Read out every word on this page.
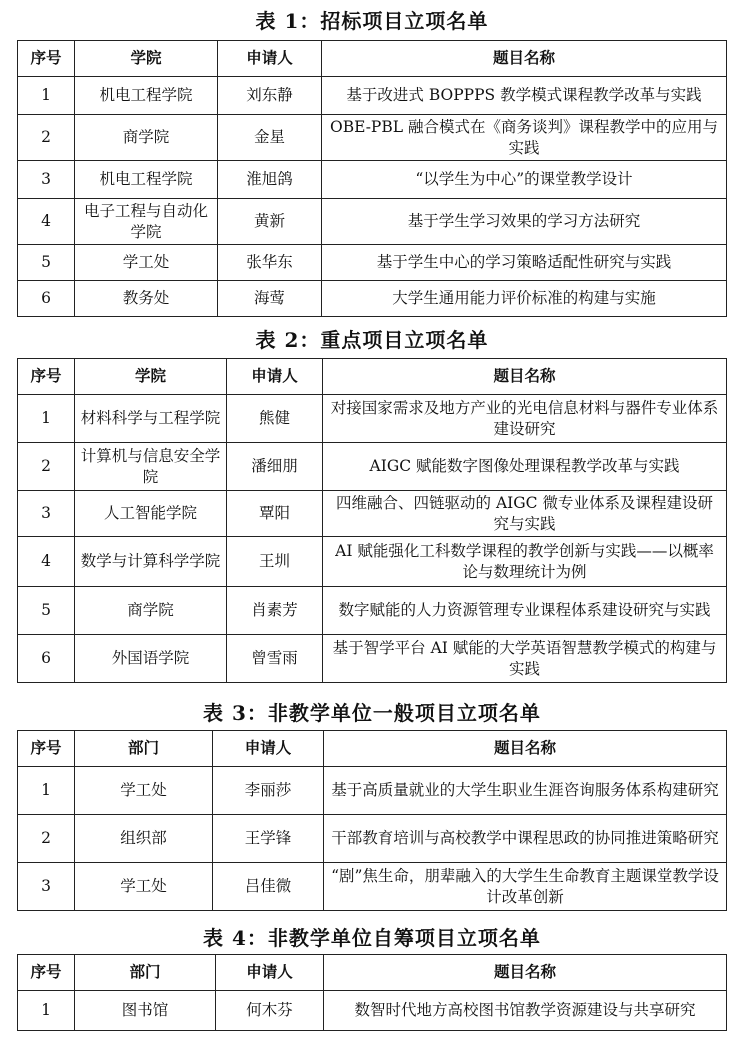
表 1：招标项目立项名单
序号	学院	申请人	题目名称
1	机电工程学院	刘东静	基于改进式 BOPPPS 教学模式课程教学改革与实践
2	商学院	金星	OBE-PBL 融合模式在《商务谈判》课程教学中的应用与实践
3	机电工程学院	淮旭鸽	“以学生为中心”的课堂教学设计
4	电子工程与自动化学院	黄新	基于学生学习效果的学习方法研究
5	学工处	张华东	基于学生中心的学习策略适配性研究与实践
6	教务处	海莺	大学生通用能力评价标准的构建与实施
表 2：重点项目立项名单
序号	学院	申请人	题目名称
1	材料科学与工程学院	熊健	对接国家需求及地方产业的光电信息材料与器件专业体系建设研究
2	计算机与信息安全学院	潘细朋	AIGC 赋能数字图像处理课程教学改革与实践
3	人工智能学院	覃阳	四维融合、四链驱动的 AIGC 微专业体系及课程建设研究与实践
4	数学与计算科学学院	王圳	AI 赋能强化工科数学课程的教学创新与实践——以概率论与数理统计为例
5	商学院	肖素芳	数字赋能的人力资源管理专业课程体系建设研究与实践
6	外国语学院	曾雪雨	基于智学平台 AI 赋能的大学英语智慧教学模式的构建与实践
表 3：非教学单位一般项目立项名单
序号	部门	申请人	题目名称
1	学工处	李丽莎	基于高质量就业的大学生职业生涯咨询服务体系构建研究
2	组织部	王学锋	干部教育培训与高校教学中课程思政的协同推进策略研究
3	学工处	吕佳微	“剧”焦生命，朋辈融入的大学生生命教育主题课堂教学设计改革创新
表 4：非教学单位自筹项目立项名单
序号	部门	申请人	题目名称
1	图书馆	何木芬	数智时代地方高校图书馆教学资源建设与共享研究
